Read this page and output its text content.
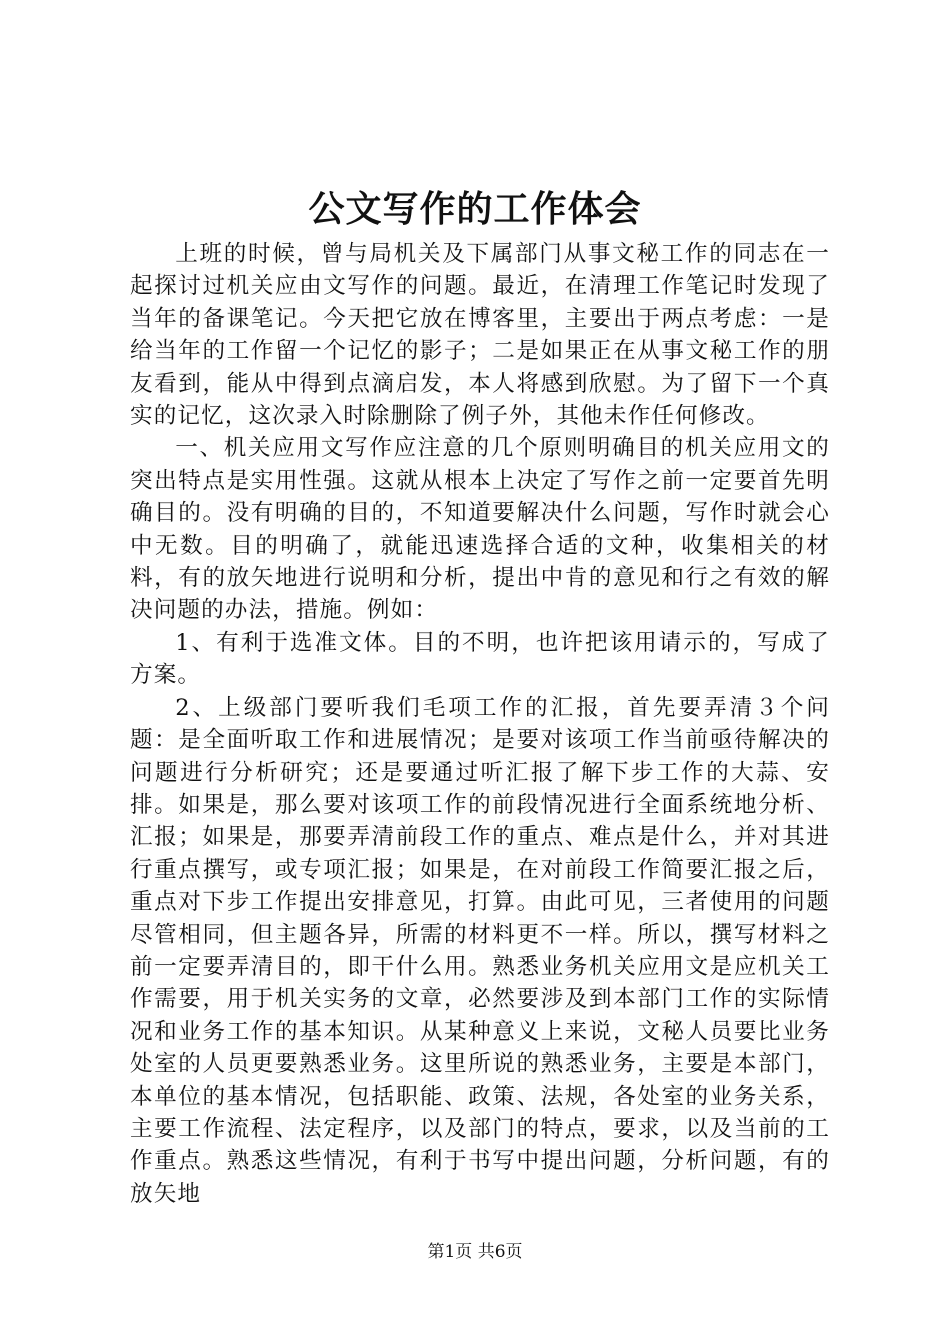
公文写作的工作体会

上班的时候，曾与局机关及下属部门从事文秘工作的同志在一起探讨过机关应由文写作的问题。最近，在清理工作笔记时发现了当年的备课笔记。今天把它放在博客里，主要出于两点考虑：一是给当年的工作留一个记忆的影子；二是如果正在从事文秘工作的朋友看到，能从中得到点滴启发，本人将感到欣慰。为了留下一个真实的记忆，这次录入时除删除了例子外，其他未作任何修改。

一、机关应用文写作应注意的几个原则明确目的机关应用文的突出特点是实用性强。这就从根本上决定了写作之前一定要首先明确目的。没有明确的目的，不知道要解决什么问题，写作时就会心中无数。目的明确了，就能迅速选择合适的文种，收集相关的材料，有的放矢地进行说明和分析，提出中肯的意见和行之有效的解决问题的办法，措施。例如：

1、有利于选准文体。目的不明，也许把该用请示的，写成了方案。

2、上级部门要听我们毛项工作的汇报，首先要弄清３个问题：是全面听取工作和进展情况；是要对该项工作当前亟待解决的问题进行分析研究；还是要通过听汇报了解下步工作的大蒜、安排。如果是，那么要对该项工作的前段情况进行全面系统地分析、汇报；如果是，那要弄清前段工作的重点、难点是什么，并对其进行重点撰写，或专项汇报；如果是，在对前段工作简要汇报之后，重点对下步工作提出安排意见，打算。由此可见，三者使用的问题尽管相同，但主题各异，所需的材料更不一样。所以，撰写材料之前一定要弄清目的，即干什么用。熟悉业务机关应用文是应机关工作需要，用于机关实务的文章，必然要涉及到本部门工作的实际情况和业务工作的基本知识。从某种意义上来说，文秘人员要比业务处室的人员更要熟悉业务。这里所说的熟悉业务，主要是本部门，本单位的基本情况，包括职能、政策、法规，各处室的业务关系，主要工作流程、法定程序，以及部门的特点，要求，以及当前的工作重点。熟悉这些情况，有利于书写中提出问题，分析问题，有的放矢地

第1页 共6页
